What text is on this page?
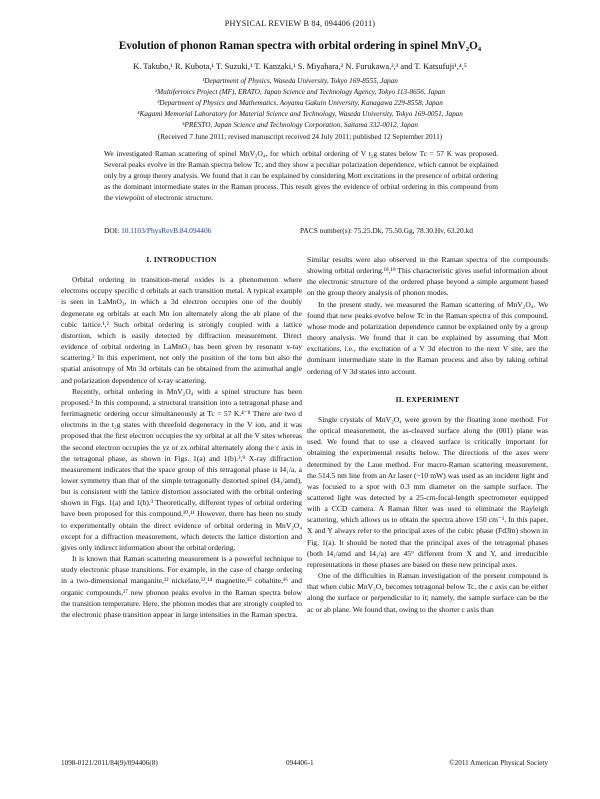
PHYSICAL REVIEW B 84, 094406 (2011)
Evolution of phonon Raman spectra with orbital ordering in spinel MnV₂O₄
K. Takubo,¹ R. Kubota,¹ T. Suzuki,¹ T. Kanzaki,¹ S. Miyahara,² N. Furukawa,²,³ and T. Katsufuji¹,⁴,⁵
¹Department of Physics, Waseda University, Tokyo 169-8555, Japan
²Multiferroics Project (MF), ERATO, Japan Science and Technology Agency, Tokyo 113-8656, Japan
³Department of Physics and Mathematics, Aoyama Gakuin University, Kanagawa 229-8558, Japan
⁴Kagami Memorial Laboratory for Material Science and Technology, Waseda University, Tokyo 169-0051, Japan
⁵PRESTO, Japan Science and Technology Corporation, Saitama 332-0012, Japan
(Received 7 June 2011; revised manuscript received 24 July 2011; published 12 September 2011)
We investigated Raman scattering of spinel MnV₂O₄, for which orbital ordering of V t₂g states below Tc = 57 K was proposed. Several peaks evolve in the Raman spectra below Tc, and they show a peculiar polarization dependence, which cannot be explained only by a group theory analysis. We found that it can be explained by considering Mott excitations in the presence of orbital ordering as the dominant intermediate states in the Raman process. This result gives the evidence of orbital ordering in this compound from the viewpoint of electronic structure.
DOI: 10.1103/PhysRevB.84.094406	PACS number(s): 75.25.Dk, 75.50.Gg, 78.30.Hv, 63.20.kd
I. INTRODUCTION

Orbital ordering in transition-metal oxides is a phenomenon where electrons occupy specific d orbitals at each transition metal. A typical example is seen in LaMnO₃, in which a 3d electron occupies one of the doubly degenerate eg orbitals at each Mn ion alternately along the ab plane of the cubic lattice.¹,² Such orbital ordering is strongly coupled with a lattice distortion, which is easily detected by diffraction measurement. Direct evidence of orbital ordering in LaMnO₃ has been given by resonant x-ray scattering.² In this experiment, not only the position of the ions but also the spatial anisotropy of Mn 3d orbitals can be obtained from the azimuthal angle and polarization dependence of x-ray scattering.

Recently, orbital ordering in MnV₂O₄ with a spinel structure has been proposed.³ In this compound, a structural transition into a tetragonal phase and ferrimagnetic ordering occur simultaneously at Tc = 57 K.⁴⁻⁸ There are two d electrons in the t₂g states with threefold degeneracy in the V ion, and it was proposed that the first electron occupies the xy orbital at all the V sites whereas the second electron occupies the yz or zx orbital alternately along the c axis in the tetragonal phase, as shown in Figs. 1(a) and 1(b).³,⁹ X-ray diffraction measurement indicates that the space group of this tetragonal phase is I4₁/a, a lower symmetry than that of the simple tetragonally distorted spinel (I4₁/amd), but is consistent with the lattice distortion associated with the orbital ordering shown in Figs. 1(a) and 1(b).³ Theoretically, different types of orbital ordering have been proposed for this compound.¹⁰,¹¹ However, there has been no study to experimentally obtain the direct evidence of orbital ordering in MnV₂O₄ except for a diffraction measurement, which detects the lattice distortion and gives only indirect information about the orbital ordering.

It is known that Raman scattering measurement is a powerful technique to study electronic phase transitions. For example, in the case of charge ordering in a two-dimensional manganite,¹² nickelate,¹³,¹⁴ magnetite,¹⁵ cobaltite,¹⁶ and organic compounds,¹⁷ new phonon peaks evolve in the Raman spectra below the transition temperature. Here, the phonon modes that are strongly coupled to the electronic phase transition appear in large intensities in the Raman spectra.

Similar results were also observed in the Raman spectra of the compounds showing orbital ordering.¹⁸,¹⁹ This characteristic gives useful information about the electronic structure of the ordered phase beyond a simple argument based on the group theory analysis of phonon modes.

In the present study, we measured the Raman scattering of MnV₂O₄. We found that new peaks evolve below Tc in the Raman spectra of this compound, whose mode and polarization dependence cannot be explained only by a group theory analysis. We found that it can be explained by assuming that Mott excitations, i.e., the excitation of a V 3d electron to the next V site, are the dominant intermediate state in the Raman process and also by taking orbital ordering of V 3d states into account.

II. EXPERIMENT

Single crystals of MnV₂O₄ were grown by the floating zone method. For the optical measurement, the as-cleaved surface along the (001) plane was used. We found that to use a cleaved surface is critically important for obtaining the experimental results below. The directions of the axes were determined by the Laue method. For macro-Raman scattering measurement, the 514.5 nm line from an Ar laser (~10 mW) was used as an incident light and was focused to a spot with 0.3 mm diameter on the sample surface. The scattered light was detected by a 25-cm-focal-length spectrometer equipped with a CCD camera. A Raman filter was used to eliminate the Rayleigh scattering, which allows us to obtain the spectra above 150 cm⁻¹. In this paper, X and Y always refer to the principal axes of the cubic phase (Fd3̄m) shown in Fig. 1(a). It should be noted that the principal axes of the tetragonal phases (both I4₁/amd and I4₁/a) are 45° different from X and Y, and irreducible representations in these phases are based on these new principal axes.

One of the difficulties in Raman investigation of the present compound is that when cubic MnV₂O₄ becomes tetragonal below Tc, the c axis can be either along the surface or perpendicular to it; namely, the sample surface can be the ac or ab plane. We found that, owing to the shorter c axis than

1098-0121/2011/84(9)/094406(8)	094406-1	©2011 American Physical Society
